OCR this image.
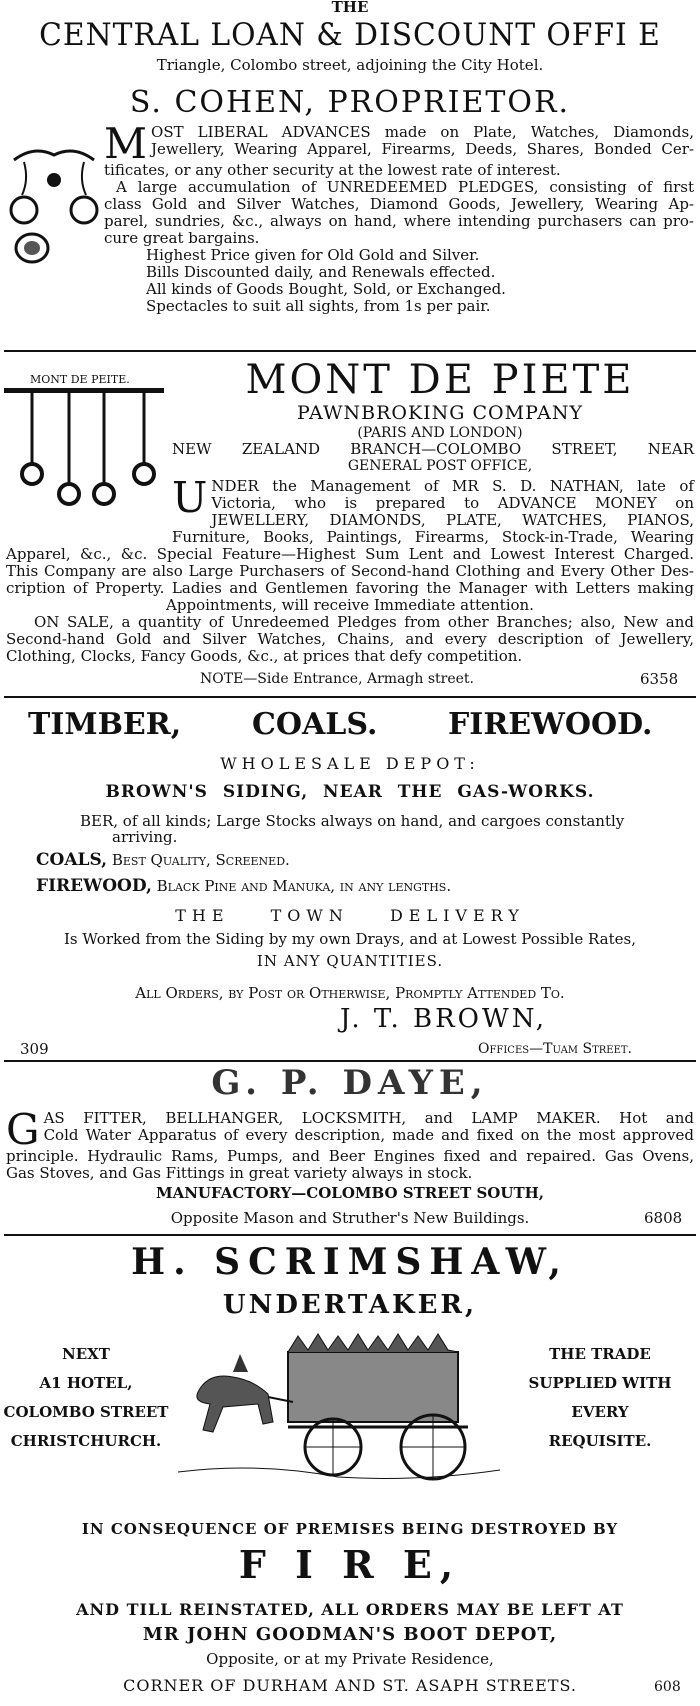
THE
CENTRAL LOAN & DISCOUNT OFFI E
Triangle, Colombo street, adjoining the City Hotel.
S. COHEN, PROPRIETOR.
M OST LIBERAL ADVANCES made on Plate, Watches, Diamonds,
Jewellery, Wearing Apparel, Firearms, Deeds, Shares, Bonded Cer-
tificates, or any other security at the lowest rate of interest.
A large accumulation of UNREDEEMED PLEDGES, consisting of first
class Gold and Silver Watches, Diamond Goods, Jewellery, Wearing Ap-
parel, sundries, &c., always on hand, where intending purchasers can pro-
cure great bargains.
Highest Price given for Old Gold and Silver.
Bills Discounted daily, and Renewals effected.
All kinds of Goods Bought, Sold, or Exchanged.
Spectacles to suit all sights, from 1s per pair.
MONT DE PEITE.	MONT DE PIETE
PAWNBROKING COMPANY
(PARIS AND LONDON)
NEW ZEALAND BRANCH—COLOMBO STREET, NEAR
GENERAL POST OFFICE,
U NDER the Management of MR S. D. NATHAN, late of
Victoria, who is prepared to ADVANCE MONEY on
JEWELLERY, DIAMONDS, PLATE, WATCHES, PIANOS,
Furniture, Books, Paintings, Firearms, Stock-in-Trade, Wearing
Apparel, &c., &c. Special Feature—Highest Sum Lent and Lowest Interest Charged.
This Company are also Large Purchasers of Second-hand Clothing and Every Other Des-
cription of Property. Ladies and Gentlemen favoring the Manager with Letters making
Appointments, will receive Immediate attention.
ON SALE, a quantity of Unredeemed Pledges from other Branches; also, New and
Second-hand Gold and Silver Watches, Chains, and every description of Jewellery,
Clothing, Clocks, Fancy Goods, &c., at prices that defy competition.
NOTE—Side Entrance, Armagh street.	6358
TIMBER, COALS. FIREWOOD.
WHOLESALE DEPOT:
BROWN'S SIDING, NEAR THE GAS-WORKS.
BER, of all kinds; Large Stocks always on hand, and cargoes constantly
arriving.
COALS, Best Quality, Screened.
FIREWOOD, Black Pine and Manuka, in any lengths.
THE TOWN DELIVERY
Is Worked from the Siding by my own Drays, and at Lowest Possible Rates,
IN ANY QUANTITIES.
All Orders, by Post or Otherwise, Promptly Attended To.
J. T. BROWN,
309	Offices—Tuam Street.
G. P. DAYE,
G AS FITTER, BELLHANGER, LOCKSMITH, and LAMP MAKER. Hot and
Cold Water Apparatus of every description, made and fixed on the most approved
principle. Hydraulic Rams, Pumps, and Beer Engines fixed and repaired. Gas Ovens,
Gas Stoves, and Gas Fittings in great variety always in stock.
MANUFACTORY—COLOMBO STREET SOUTH,
Opposite Mason and Struther's New Buildings.	6808
H. SCRIMSHAW,
UNDERTAKER,
NEXT
A1 HOTEL,
COLOMBO STREET
CHRISTCHURCH.
THE TRADE
SUPPLIED WITH
EVERY
REQUISITE.
IN CONSEQUENCE OF PREMISES BEING DESTROYED BY
F I R E,
AND TILL REINSTATED, ALL ORDERS MAY BE LEFT AT
MR JOHN GOODMAN'S BOOT DEPOT,
Opposite, or at my Private Residence,
CORNER OF DURHAM AND ST. ASAPH STREETS.	608
